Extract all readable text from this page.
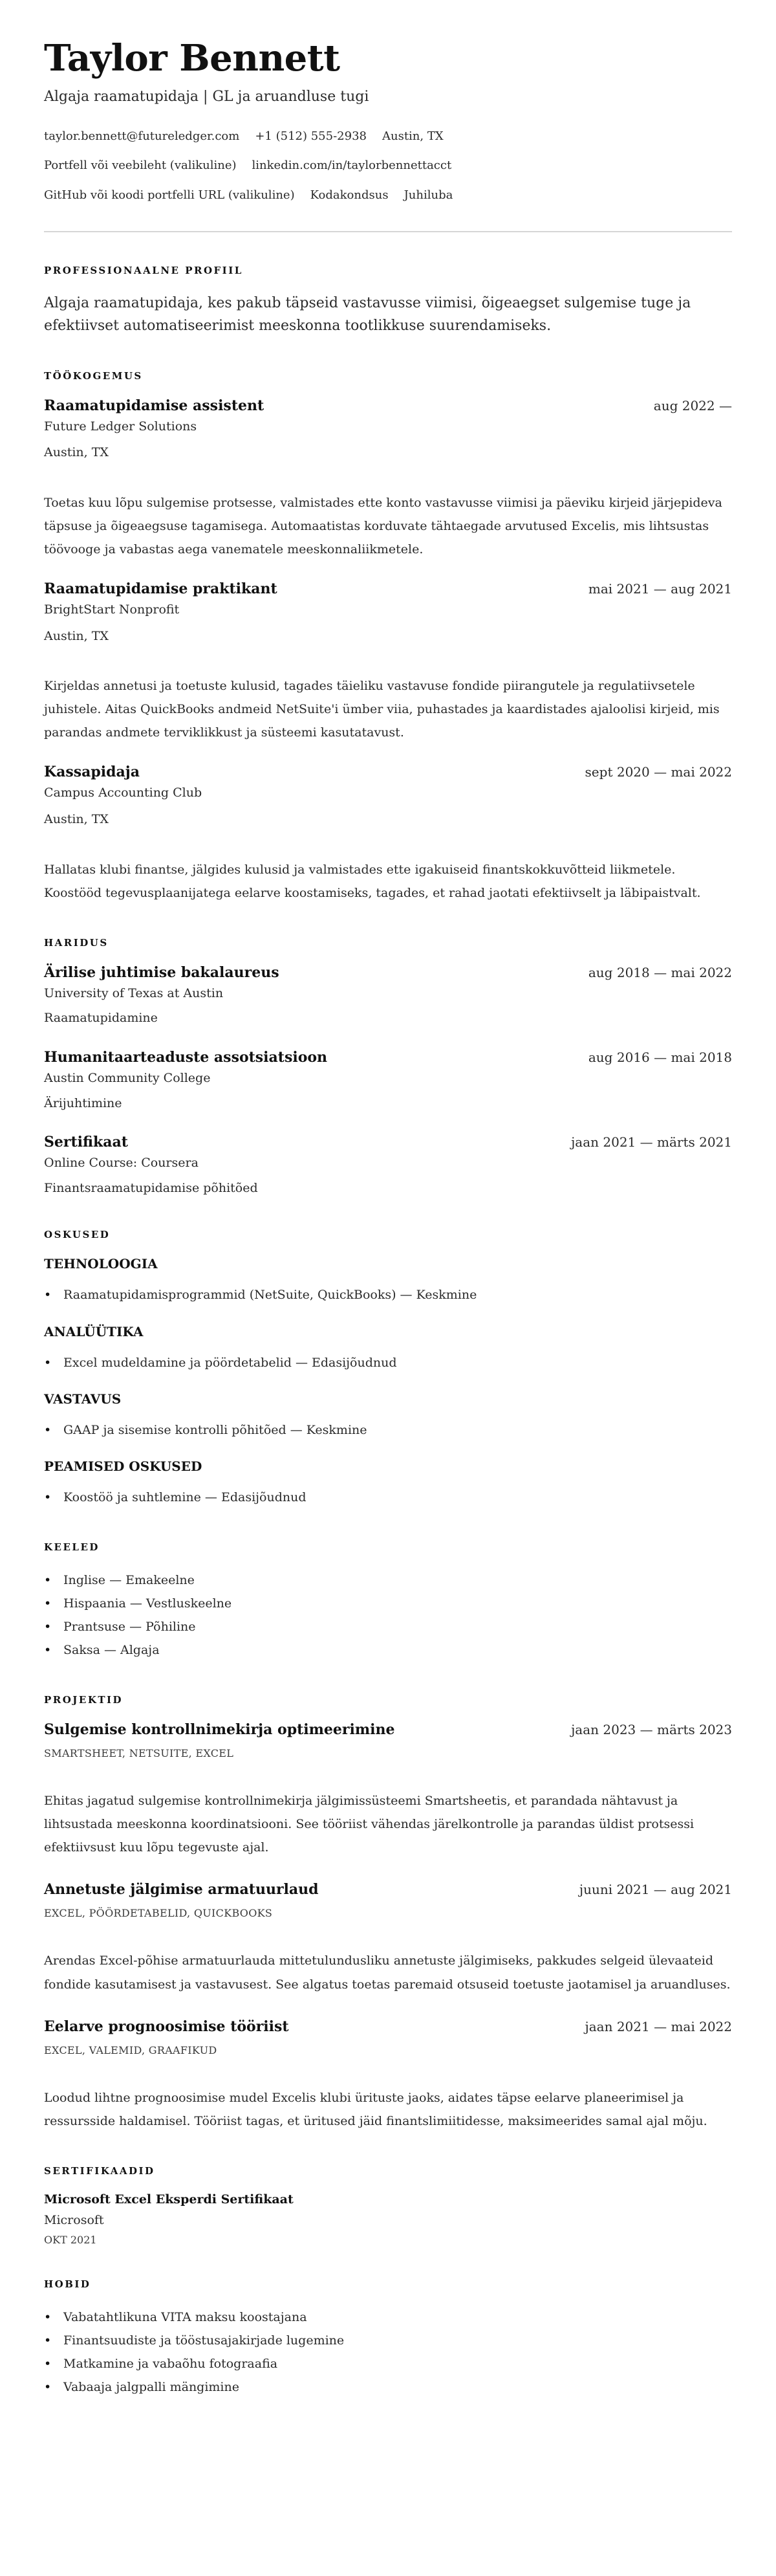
Taylor Bennett
Algaja raamatupidaja | GL ja aruandluse tugi
taylor.bennett@futureledger.com +1 (512) 555-2938 Austin, TX
Portfell või veebileht (valikuline) linkedin.com/in/taylorbennettacct
GitHub või koodi portfelli URL (valikuline) Kodakondsus Juhiluba
PROFESSIONAALNE PROFIIL

Algaja raamatupidaja, kes pakub täpseid vastavusse viimisi, õigeaegset sulgemise tuge ja efektiivset automatiseerimist meeskonna tootlikkuse suurendamiseks.

TÖÖKOGEMUS
Raamatupidamise assistent	aug 2022 —
Future Ledger Solutions
Austin, TX

Toetas kuu lõpu sulgemise protsesse, valmistades ette konto vastavusse viimisi ja päeviku kirjeid järjepideva täpsuse ja õigeaegsuse tagamisega. Automaatistas korduvate tähtaegade arvutused Excelis, mis lihtsustas töövooge ja vabastas aega vanematele meeskonnaliikmetele.

Raamatupidamise praktikant	mai 2021 — aug 2021
BrightStart Nonprofit
Austin, TX

Kirjeldas annetusi ja toetuste kulusid, tagades täieliku vastavuse fondide piirangutele ja regulatiivsetele juhistele. Aitas QuickBooks andmeid NetSuite'i ümber viia, puhastades ja kaardistades ajaloolisi kirjeid, mis parandas andmete terviklikkust ja süsteemi kasutatavust.

Kassapidaja	sept 2020 — mai 2022
Campus Accounting Club
Austin, TX

Hallatas klubi finantse, jälgides kulusid ja valmistades ette igakuiseid finantskokkuvõtteid liikmetele. Koostööd tegevusplaanijatega eelarve koostamiseks, tagades, et rahad jaotati efektiivselt ja läbipaistvalt.

HARIDUS
Ärilise juhtimise bakalaureus	aug 2018 — mai 2022
University of Texas at Austin
Raamatupidamine
Humanitaarteaduste assotsiatsioon	aug 2016 — mai 2018
Austin Community College
Ärijuhtimine
Sertifikaat	jaan 2021 — märts 2021
Online Course: Coursera
Finantsraamatupidamise põhitõed
OSKUSED
TEHNOLOOGIA
• Raamatupidamisprogrammid (NetSuite, QuickBooks) — Keskmine
ANALÜÜTIKA
• Excel mudeldamine ja pöördetabelid — Edasijõudnud
VASTAVUS
• GAAP ja sisemise kontrolli põhitõed — Keskmine
PEAMISED OSKUSED
• Koostöö ja suhtlemine — Edasijõudnud
KEELED
• Inglise — Emakeelne
• Hispaania — Vestluskeelne
• Prantsuse — Põhiline
• Saksa — Algaja
PROJEKTID
Sulgemise kontrollnimekirja optimeerimine	jaan 2023 — märts 2023
SMARTSHEET, NETSUITE, EXCEL

Ehitas jagatud sulgemise kontrollnimekirja jälgimissüsteemi Smartsheetis, et parandada nähtavust ja lihtsustada meeskonna koordinatsiooni. See tööriist vähendas järelkontrolle ja parandas üldist protsessi efektiivsust kuu lõpu tegevuste ajal.

Annetuste jälgimise armatuurlaud	juuni 2021 — aug 2021
EXCEL, PÖÖRDETABELID, QUICKBOOKS

Arendas Excel-põhise armatuurlauda mittetulundusliku annetuste jälgimiseks, pakkudes selgeid ülevaateid fondide kasutamisest ja vastavusest. See algatus toetas paremaid otsuseid toetuste jaotamisel ja aruandluses.

Eelarve prognoosimise tööriist	jaan 2021 — mai 2022
EXCEL, VALEMID, GRAAFIKUD

Loodud lihtne prognoosimise mudel Excelis klubi ürituste jaoks, aidates täpse eelarve planeerimisel ja ressursside haldamisel. Tööriist tagas, et üritused jäid finantslimiitidesse, maksimeerides samal ajal mõju.

SERTIFIKAADID
Microsoft Excel Eksperdi Sertifikaat
Microsoft
OKT 2021
HOBID
• Vabatahtlikuna VITA maksu koostajana
• Finantsuudiste ja tööstusajakirjade lugemine
• Matkamine ja vabaõhu fotograafia
• Vabaaja jalgpalli mängimine
